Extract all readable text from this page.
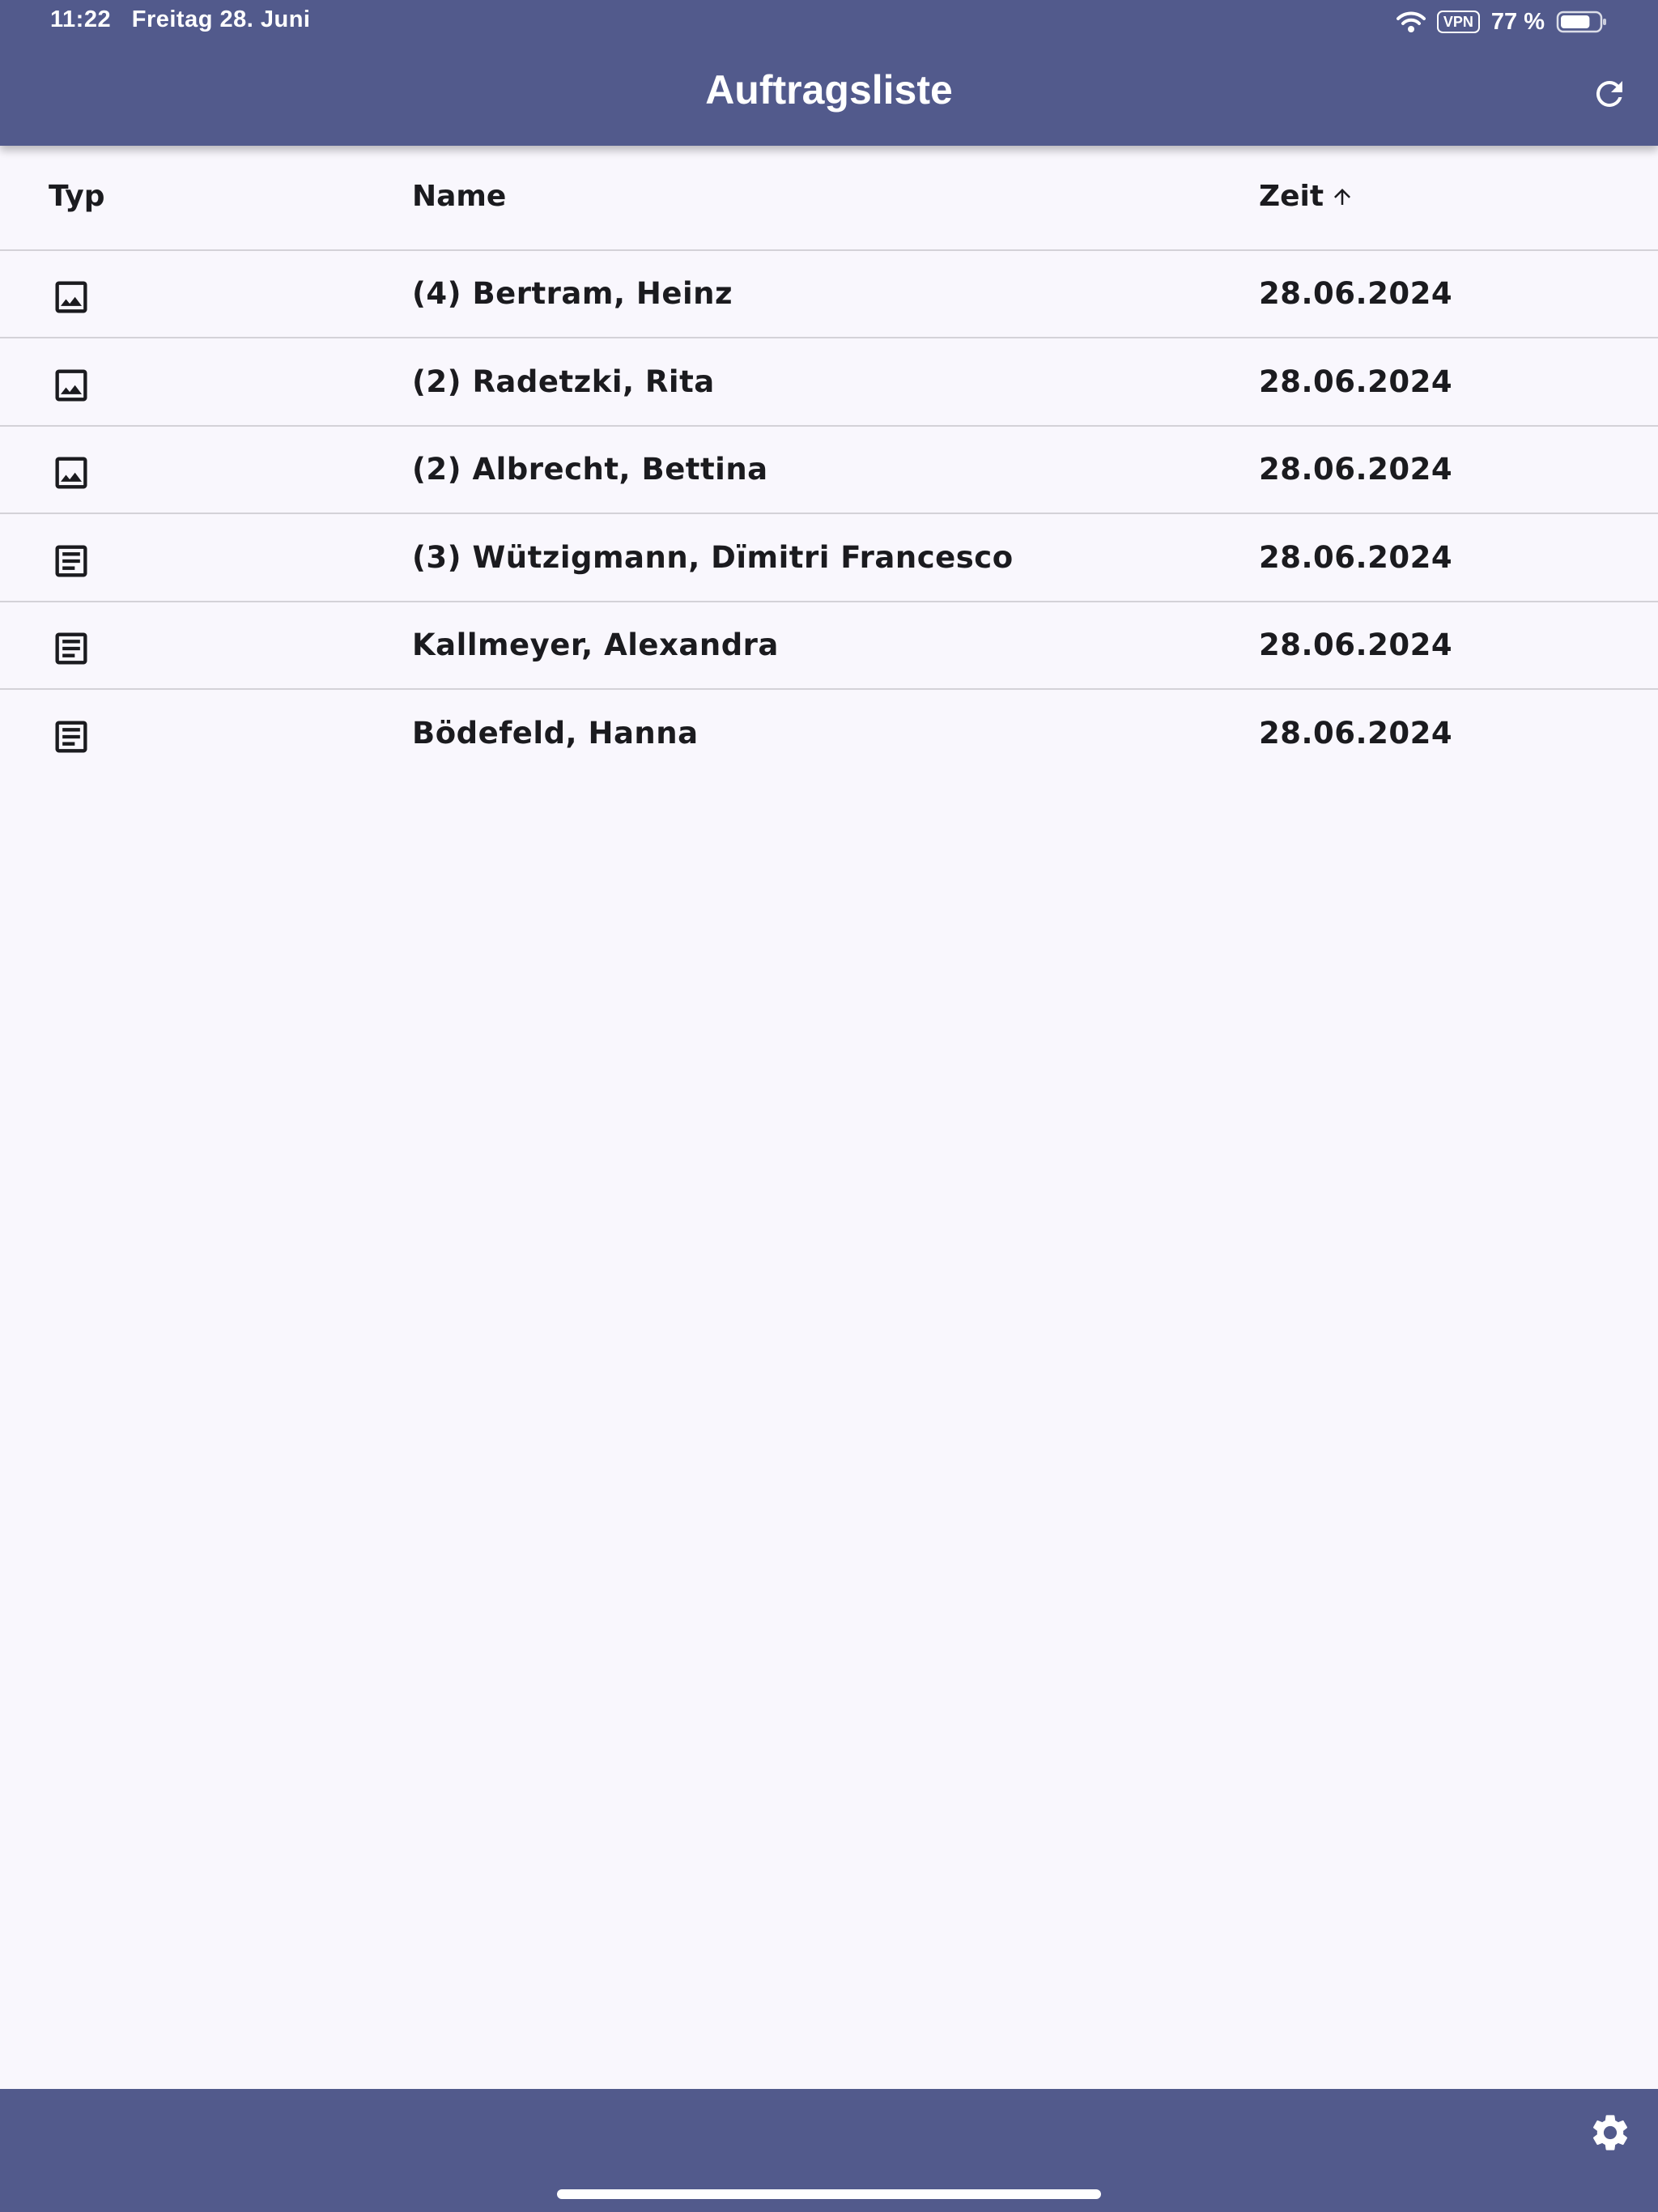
11:22 Freitag 28. Juni	VPN 77 %
Auftragsliste
Typ	Name	Zeit
(4) Bertram, Heinz	28.06.2024
(2) Radetzki, Rita	28.06.2024
(2) Albrecht, Bettina	28.06.2024
(3) Wützigmann, Dïmitri Francesco	28.06.2024
Kallmeyer, Alexandra	28.06.2024
Bödefeld, Hanna	28.06.2024
